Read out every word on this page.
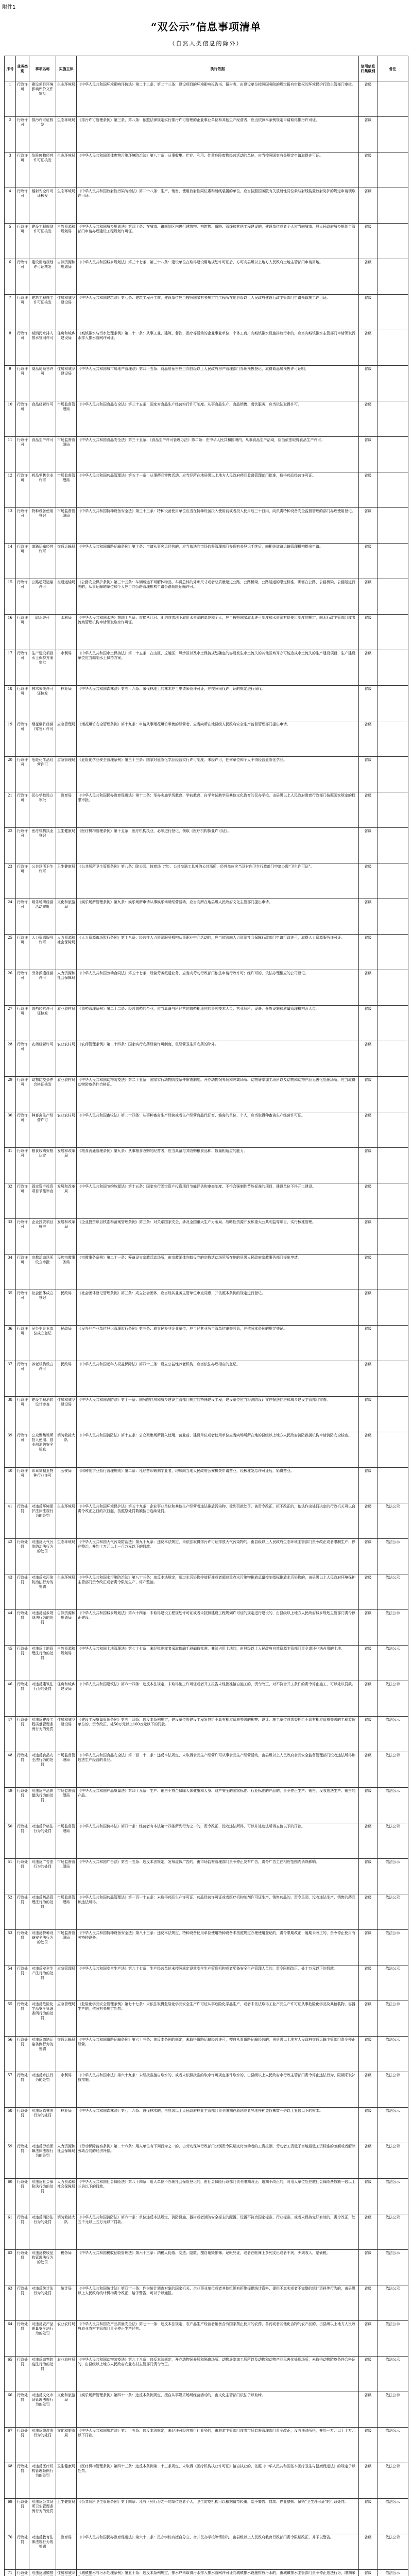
附件1
“双公示”信息事项清单
（自然人类信息的除外）
序号	业务类别	事项名称	实施主体	执行依据	信用信息归集级别	备注
1	行政许可	建设项目环境影响评价文件审批	生态环境局	《中华人民共和国环境影响评价法》第二十二条、第二十三条：建设项目的环境影响报告书、报告表，由建设单位按照国务院的规定报有审批权的环境保护行政主管部门审批。	省级	
2	行政许可	排污许可证核发	生态环境局	《排污许可管理条例》第三条、第八条：依照法律规定实行排污许可管理的企业事业单位和其他生产经营者，应当依照本条例规定申请取得排污许可证。	省级	
3	行政许可	危险废物经营许可证核发	生态环境局	《中华人民共和国固体废物污染环境防治法》第八十条：从事收集、贮存、利用、处置危险废物经营活动的单位，应当按照国家有关规定申请取得许可证。	省级	
4	行政许可	辐射安全许可证核发	生态环境局	《中华人民共和国放射性污染防治法》第二十八条：生产、销售、使用放射性同位素和射线装置的单位，应当按照国务院有关放射性同位素与射线装置放射防护的规定申请领取许可证。	省级	
5	行政许可	建设工程规划许可证核发	自然资源和规划局	《中华人民共和国城乡规划法》第四十条：在城市、镇规划区内进行建筑物、构筑物、道路、管线和其他工程建设的，建设单位或者个人应当向城市、县人民政府城乡规划主管部门申请办理建设工程规划许可证。	省级	
6	行政许可	建设用地规划许可证核发	自然资源和规划局	《中华人民共和国城乡规划法》第三十七条、第三十八条：建设单位在取得建设用地规划许可证后，方可向县级以上地方人民政府土地主管部门申请用地。	省级	
7	行政许可	建筑工程施工许可证核发	住房和城乡建设局	《中华人民共和国建筑法》第七条：建筑工程开工前，建设单位应当按照国家有关规定向工程所在地县级以上人民政府建设行政主管部门申请领取施工许可证。	省级	
8	行政许可	城镇污水排入排水管网许可	住房和城乡建设局	《城镇排水与污水处理条例》第二十一条：从事工业、建筑、餐饮、医疗等活动的企业事业单位、个体工商户向城镇排水设施排放污水的，应当向城镇排水主管部门申请领取污水排入排水管网许可证。	省级	
9	行政许可	商品房预售许可	住房和城乡建设局	《中华人民共和国城市房地产管理法》第四十五条：商品房预售应当向县级以上人民政府房产管理部门办理预售登记，取得商品房预售许可证明。	省级	
10	行政许可	食品经营许可	市场监督管理局	《中华人民共和国食品安全法》第三十五条：国家对食品生产经营实行许可制度。从事食品生产、食品销售、餐饮服务，应当依法取得许可。	省级	
11	行政许可	食品生产许可	市场监督管理局	《中华人民共和国食品安全法》第三十五条、《食品生产许可管理办法》第二条：在中华人民共和国境内，从事食品生产活动，应当依法取得食品生产许可。	省级	
12	行政许可	药品零售企业许可	市场监督管理局	《中华人民共和国药品管理法》第五十一条：从事药品零售活动，应当经所在地县级以上地方人民政府药品监督管理部门批准，取得药品经营许可证。	省级	
13	行政许可	特种设备使用登记	市场监督管理局	《中华人民共和国特种设备安全法》第三十三条：特种设备使用单位应当在特种设备投入使用前或者投入使用后三十日内，向负责特种设备安全监督管理的部门办理使用登记。	省级	
14	行政许可	道路运输经营许可	交通运输局	《中华人民共和国道路运输条例》第十条：申请从事客运经营的，应当依法向市场监督管理部门办理有关登记手续后，向相关道路运输管理机构提出申请。	省级	
15	行政许可	公路超限运输许可	交通运输局	《公路安全保护条例》第三十五条：车辆载运不可解体物品，车货总体的外廓尺寸或者总质量超过公路、公路桥梁、公路隧道的限定标准，确需在公路、公路桥梁、公路隧道行驶的，从事运输的单位和个人应当向公路管理机构申请公路超限运输许可。	省级	
16	行政许可	取水许可	水利局	《中华人民共和国水法》第四十八条：直接从江河、湖泊或者地下取用水资源的单位和个人，应当按照国家取水许可制度和水资源有偿使用制度的规定，向水行政主管部门或者流域管理机构申请领取取水许可证。	省级	
17	行政许可	生产建设项目水土保持方案审批	水利局	《中华人民共和国水土保持法》第二十五条：在山区、丘陵区、风沙区以及水土保持规划确定的容易发生水土流失的其他区域开办可能造成水土流失的生产建设项目，生产建设单位应当编制水土保持方案。	省级	
18	行政许可	林木采伐许可证核发	林业局	《中华人民共和国森林法》第五十六条：采伐林地上的林木应当申请采伐许可证，并按照采伐许可证的规定进行采伐。	省级	
19	行政许可	烟花爆竹经营（零售）许可	应急管理局	《烟花爆竹安全管理条例》第十九条：申请从事烟花爆竹零售的经营者，应当向所在地县级人民政府安全生产监督管理部门提出申请。	省级	
20	行政许可	危险化学品经营许可	应急管理局	《危险化学品安全管理条例》第三十三条：国家对危险化学品经营实行许可制度。未经许可，任何单位和个人不得经营危险化学品。	省级	
21	行政许可	民办学校设立审批	教育局	《中华人民共和国民办教育促进法》第十二条：举办实施学历教育、学前教育、自学考试助学及其他文化教育的民办学校，由县级以上人民政府教育行政部门按照国家规定的权限审批。	省级	
22	行政许可	医疗机构执业登记	卫生健康局	《医疗机构管理条例》第十五条：医疗机构执业，必须进行登记，领取《医疗机构执业许可证》。	省级	
23	行政许可	公共场所卫生许可	卫生健康局	《公共场所卫生管理条例》第八条：除公园、体育场（馆）、公共交通工具外的公共场所，经营单位应当及时向卫生行政部门申请办理“卫生许可证”。	省级	
24	行政许可	娱乐场所经营活动审批	文化和旅游局	《娱乐场所管理条例》第九条：娱乐场所申请从事娱乐场所经营活动，应当向所在地县级人民政府文化主管部门提出申请。	省级	
25	行政许可	人力资源服务许可	人力资源和社会保障局	《人力资源市场暂行条例》第十八条：经营性人力资源服务机构从事职业中介活动的，应当依法向人力资源社会保障行政部门申请行政许可，取得人力资源服务许可证。	省级	
26	行政许可	劳务派遣经营许可	人力资源和社会保障局	《中华人民共和国劳动合同法》第五十七条：经营劳务派遣业务，应当向劳动行政部门依法申请行政许可；经许可的，依法办理相应的公司登记。	省级	
27	行政许可	兽药经营许可证核发	农业农村局	《兽药管理条例》第二十二条：经营兽药的企业，应当具备与所经营的兽药相适应的兽药技术人员、营业场所、设备、仓库设施和质量管理机构及人员。	省级	
28	行政许可	农药经营许可	农业农村局	《农药管理条例》第二十四条：国家实行农药经营许可制度，但经营卫生用农药的除外。	省级	
29	行政许可	动物防疫条件合格证核发	农业农村局	《中华人民共和国动物防疫法》第二十五条：国家实行动物防疫条件审查制度。开办动物饲养场和隔离场所、动物屠宰加工场所以及动物和动物产品无害化处理场所，应当取得动物防疫条件合格证。	省级	
30	行政许可	种畜禽生产经营许可	农业农村局	《中华人民共和国畜牧法》第二十四条：从事种畜禽生产经营或者生产经营商品代仔畜、雏禽的单位、个人，应当取得种畜禽生产经营许可证。	省级	
31	行政许可	粮食收购资格认定	发展和改革局	《粮食流通管理条例》第九条：从事粮食收购的经营者，应当具备与其收购粮食品种、数量相适应的能力。	省级	
32	行政许可	固定资产投资项目节能审查	发展和改革局	《中华人民共和国节约能源法》第十五条：国家实行固定资产投资项目节能评估和审查制度。不符合强制性节能标准的项目，建设单位不得开工建设。	省级	
33	行政许可	企业投资项目核准	发展和改革局	《企业投资项目核准和备案管理条例》第三条：对关系国家安全、涉及全国重大生产力布局、战略性资源开发和重大公共利益等项目，实行核准管理。	省级	
34	行政许可	宗教活动场所设立审批	民族宗教事务局	《宗教事务条例》第二十一条：筹备设立宗教活动场所，由宗教团体向拟设立的宗教活动场所所在地的县级人民政府宗教事务部门提出申请。	省级	
35	行政许可	社会团体成立登记	民政局	《社会团体登记管理条例》第三条：成立社会团体，应当经其业务主管单位审查同意，并依照本条例的规定进行登记。	省级	
36	行政许可	民办非企业单位成立登记	民政局	《民办非企业单位登记管理暂行条例》第三条：成立民办非企业单位，应当经其业务主管单位审查同意，并依照本条例的规定登记。	省级	
37	行政许可	养老机构设立许可	民政局	《中华人民共和国老年人权益保障法》第四十三条：设立公益性养老机构，应当依法办理相应的登记。	省级	
38	行政许可	建设工程消防设计审查	住房和城乡建设局	《中华人民共和国消防法》第十一条：国务院住房和城乡建设主管部门规定的特殊建设工程，建设单位应当将消防设计文件报送住房和城乡建设主管部门审查。	省级	
39	行政许可	公众聚集场所投入使用、营业前消防安全检查	消防救援大队	《中华人民共和国消防法》第十五条：公众聚集场所投入使用、营业前，建设单位或者使用单位应当向场所所在地的县级以上地方人民政府消防救援机构申请消防安全检查。	省级	
40	行政许可	印章刻制业特种行业许可	公安局	《印铸刻字业暂行管理规则》第二条：凡经营印铸刻字业者，均须向当地人民政府公安机关申请营业，经核准发给许可证后，始得营业。	省级	
41	行政处罚	对违反环境保护法律法规行为的处罚	生态环境局	《中华人民共和国环境保护法》第五十九条：企业事业单位和其他生产经营者违法排放污染物，受到罚款处罚，被责令改正，拒不改正的，依法作出处罚决定的行政机关可以自责令改正之日的次日起，按照原处罚数额按日连续处罚。	省级	依法公示
42	行政处罚	对违反大气污染防治法行为的处罚	生态环境局	《中华人民共和国大气污染防治法》第九十九条：违反本法规定，未依法取得排污许可证排放大气污染物的，由县级以上人民政府生态环境主管部门责令改正或者限制生产、停产整治，并处十万元以上一百万元以下的罚款。	省级	依法公示
43	行政处罚	对违反水污染防治法行为的处罚	生态环境局	《中华人民共和国水污染防治法》第八十三条：违反本法规定，超过水污染物排放标准或者超过重点水污染物排放总量控制指标排放水污染物的，由县级以上人民政府环境保护主管部门责令改正或者责令限制生产、停产整治。	省级	依法公示
44	行政处罚	对违反城乡规划法行为的处罚	自然资源和规划局	《中华人民共和国城乡规划法》第六十四条：未取得建设工程规划许可证或者未按照建设工程规划许可证的规定进行建设的，由县级以上地方人民政府城乡规划主管部门责令停止建设。	省级	依法公示
45	行政处罚	对违反土地管理法行为的处罚	自然资源和规划局	《中华人民共和国土地管理法》第七十七条：未经批准或者采取欺骗手段骗取批准，非法占用土地的，由县级以上人民政府自然资源主管部门责令退还非法占用的土地。	省级	依法公示
46	行政处罚	对违反建筑法行为的处罚	住房和城乡建设局	《中华人民共和国建筑法》第六十四条：违反本法规定，未取得施工许可证或者开工报告未经批准擅自施工的，责令改正，对不符合开工条件的责令停止施工，可以处以罚款。	省级	依法公示
47	行政处罚	对违反建设工程质量管理条例行为的处罚	住房和城乡建设局	《建设工程质量管理条例》第五十四条：违反本条例规定，建设单位将建设工程发包给不具有相应资质等级的勘察、设计、施工单位或者委托给不具有相应资质等级的工程监理单位的，责令改正，处50万元以上100万元以下的罚款。	省级	依法公示
48	行政处罚	对违反食品安全法行为的处罚	市场监督管理局	《中华人民共和国食品安全法》第一百二十二条：违反本法规定，未取得食品生产经营许可从事食品生产经营活动，由县级以上人民政府食品安全监督管理部门没收违法所得和违法生产经营的食品。	省级	依法公示
49	行政处罚	对违反产品质量法行为的处罚	市场监督管理局	《中华人民共和国产品质量法》第四十九条：生产、销售不符合保障人体健康和人身、财产安全的国家标准、行业标准的产品的，责令停止生产、销售，没收违法生产、销售的产品。	省级	依法公示
50	行政处罚	对违反价格法行为的处罚	市场监督管理局	《中华人民共和国价格法》第四十条：经营者有本法第十四条所列行为之一的，责令改正，没收违法所得，可以并处违法所得五倍以下的罚款。	省级	依法公示
51	行政处罚	对违反广告法行为的处罚	市场监督管理局	《中华人民共和国广告法》第五十五条：违反本法规定，发布虚假广告的，由市场监督管理部门责令停止发布广告，责令广告主在相应范围内消除影响。	省级	依法公示
52	行政处罚	对违反药品管理法行为的处罚	市场监督管理局	《中华人民共和国药品管理法》第一百一十五条：未取得药品生产许可证、药品经营许可证或者医疗机构制剂许可证生产、销售药品的，责令关闭，没收违法生产、销售的药品和违法所得。	省级	依法公示
53	行政处罚	对违反特种设备安全法行为的处罚	市场监督管理局	《中华人民共和国特种设备安全法》第八十三条：违反本法规定，特种设备使用单位使用特种设备未按照规定办理使用登记的，责令限期改正；逾期未改正的，责令停止使用有关特种设备。	省级	依法公示
54	行政处罚	对违反安全生产法行为的处罚	应急管理局	《中华人民共和国安全生产法》第九十七条：生产经营单位未按照规定设置安全生产管理机构或者配备安全生产管理人员的，责令限期改正，处十万元以下的罚款。	省级	依法公示
55	行政处罚	对违反危险化学品安全管理条例行为的处罚	应急管理局	《危险化学品安全管理条例》第七十七条：未依法取得危险化学品安全生产许可证从事危险化学品生产，或者未依法取得工业产品生产许可证从事危险化学品及其包装物、容器生产的，依照有关规定处罚。	省级	依法公示
56	行政处罚	对违反道路运输条例行为的处罚	交通运输局	《中华人民共和国道路运输条例》第六十三条：违反本条例的规定，未取得道路运输经营许可，擅自从事道路运输经营的，由县级以上地方人民政府交通运输主管部门责令停止经营。	省级	依法公示
57	行政处罚	对违反水法行为的处罚	水利局	《中华人民共和国水法》第六十九条：未经批准擅自取水的，或者未依照批准的取水许可规定条件取水的，由县级以上人民政府水行政主管部门责令停止违法行为，限期采取补救措施。	省级	依法公示
58	行政处罚	对违反森林法行为的处罚	林业局	《中华人民共和国森林法》第七十六条：盗伐林木的，由县级以上人民政府林业主管部门责令限期在原地或者异地补种盗伐株数一倍以上五倍以下的树木。	省级	依法公示
59	行政处罚	对违反劳动保障法律法规行为的处罚	人力资源和社会保障局	《劳动保障监察条例》第二十六条：用人单位有下列行为之一的，由劳动保障行政部门分别责令限期支付劳动者的工资报酬、劳动者工资低于当地最低工资标准的差额或者解除劳动合同的经济补偿。	省级	依法公示
60	行政处罚	对违反社会保险法行为的处罚	人力资源和社会保障局	《中华人民共和国社会保险法》第八十四条：用人单位不办理社会保险登记的，由社会保险行政部门责令限期改正；逾期不改正的，对用人单位处应缴社会保险费数额一倍以上三倍以下的罚款。	省级	依法公示
61	行政处罚	对违反消防法行为的处罚	消防救援大队	《中华人民共和国消防法》第六十条：单位违反本法规定，消防设施、器材或者消防安全标志的配置、设置不符合国家标准、行业标准，或者未保持完好有效的，责令改正，处五千元以上五万元以下罚款。	省级	依法公示
62	行政处罚	对违反税收征收管理法行为的处罚	税务局	《中华人民共和国税收征收管理法》第六十三条：纳税人伪造、变造、隐匿、擅自销毁帐簿、记帐凭证，或者在帐簿上多列支出或者不列、少列收入，是偷税。	省级	依法公示
63	行政处罚	对违反统计法行为的处罚	统计局	《中华人民共和国统计法》第四十一条：作为统计调查对象的国家机关、企业事业单位或者其他组织有拒绝提供统计资料、提供不真实或者不完整的统计资料等行为的，由县级以上人民政府统计机构责令改正，给予警告，可以予以通报。	省级	依法公示
64	行政处罚	对违反农产品质量安全法行为的处罚	农业农村局	《中华人民共和国农产品质量安全法》第七十一条：违反本法规定，农产品生产经营者销售含有国家禁止使用的农药、兽药或者其他化合物的农产品的，由县级以上地方人民政府农业农村主管部门责令停止生产经营。	省级	依法公示
65	行政处罚	对违反动物防疫法行为的处罚	农业农村局	《中华人民共和国动物防疫法》第九十八条：违反本法规定，开办动物饲养场和隔离场所、动物屠宰加工场所以及动物和动物产品无害化处理场所，未取得动物防疫条件合格证的，由县级以上地方人民政府农业农村主管部门责令改正。	省级	依法公示
66	行政处罚	对违反文化市场管理法规行为的处罚	文化和旅游局	《娱乐场所管理条例》第四十一条：违反本条例规定，擅自从事娱乐场所经营活动的，由文化主管部门依法予以取缔。	省级	依法公示
67	行政处罚	对违反旅游法行为的处罚	文化和旅游局	《中华人民共和国旅游法》第九十五条：违反本法规定，未经许可经营旅行社业务的，由旅游主管部门或者市场监督管理部门责令改正，没收违法所得，并处一万元以上十万元以下罚款。	省级	依法公示
68	行政处罚	对违反医疗机构管理条例行为的处罚	卫生健康局	《医疗机构管理条例》第四十三条：违反本条例第二十三条规定，未取得《医疗机构执业许可证》擅自执业的，依照《中华人民共和国基本医疗卫生与健康促进法》的规定予以处罚。	省级	依法公示
69	行政处罚	对违反公共场所卫生管理条例行为的处罚	卫生健康局	《公共场所卫生管理条例》第十四条：凡有下列行为之一的单位或者个人，卫生防疫机构可以根据情节轻重，给予警告、罚款、停业整顿、吊销“卫生许可证”的行政处罚。	省级	依法公示
70	行政处罚	对违反教育法律法规行为的处罚	教育局	《中华人民共和国民办教育促进法》第六十二条：民办学校有擅自分立、合并民办学校等情形的，由县级以上人民政府教育行政部门责令限期改正，并予以警告。	省级	依法公示
71	行政处	对违反城镇排	住房和城乡	《城镇排水与污水处理条例》第五十条：违反本条例规定，排水户未取得污水排入排水管网许可证向城镇排水设施排放污水的，由城镇排水主管部门责令停止违法行为，限期采	省级	依法公示
